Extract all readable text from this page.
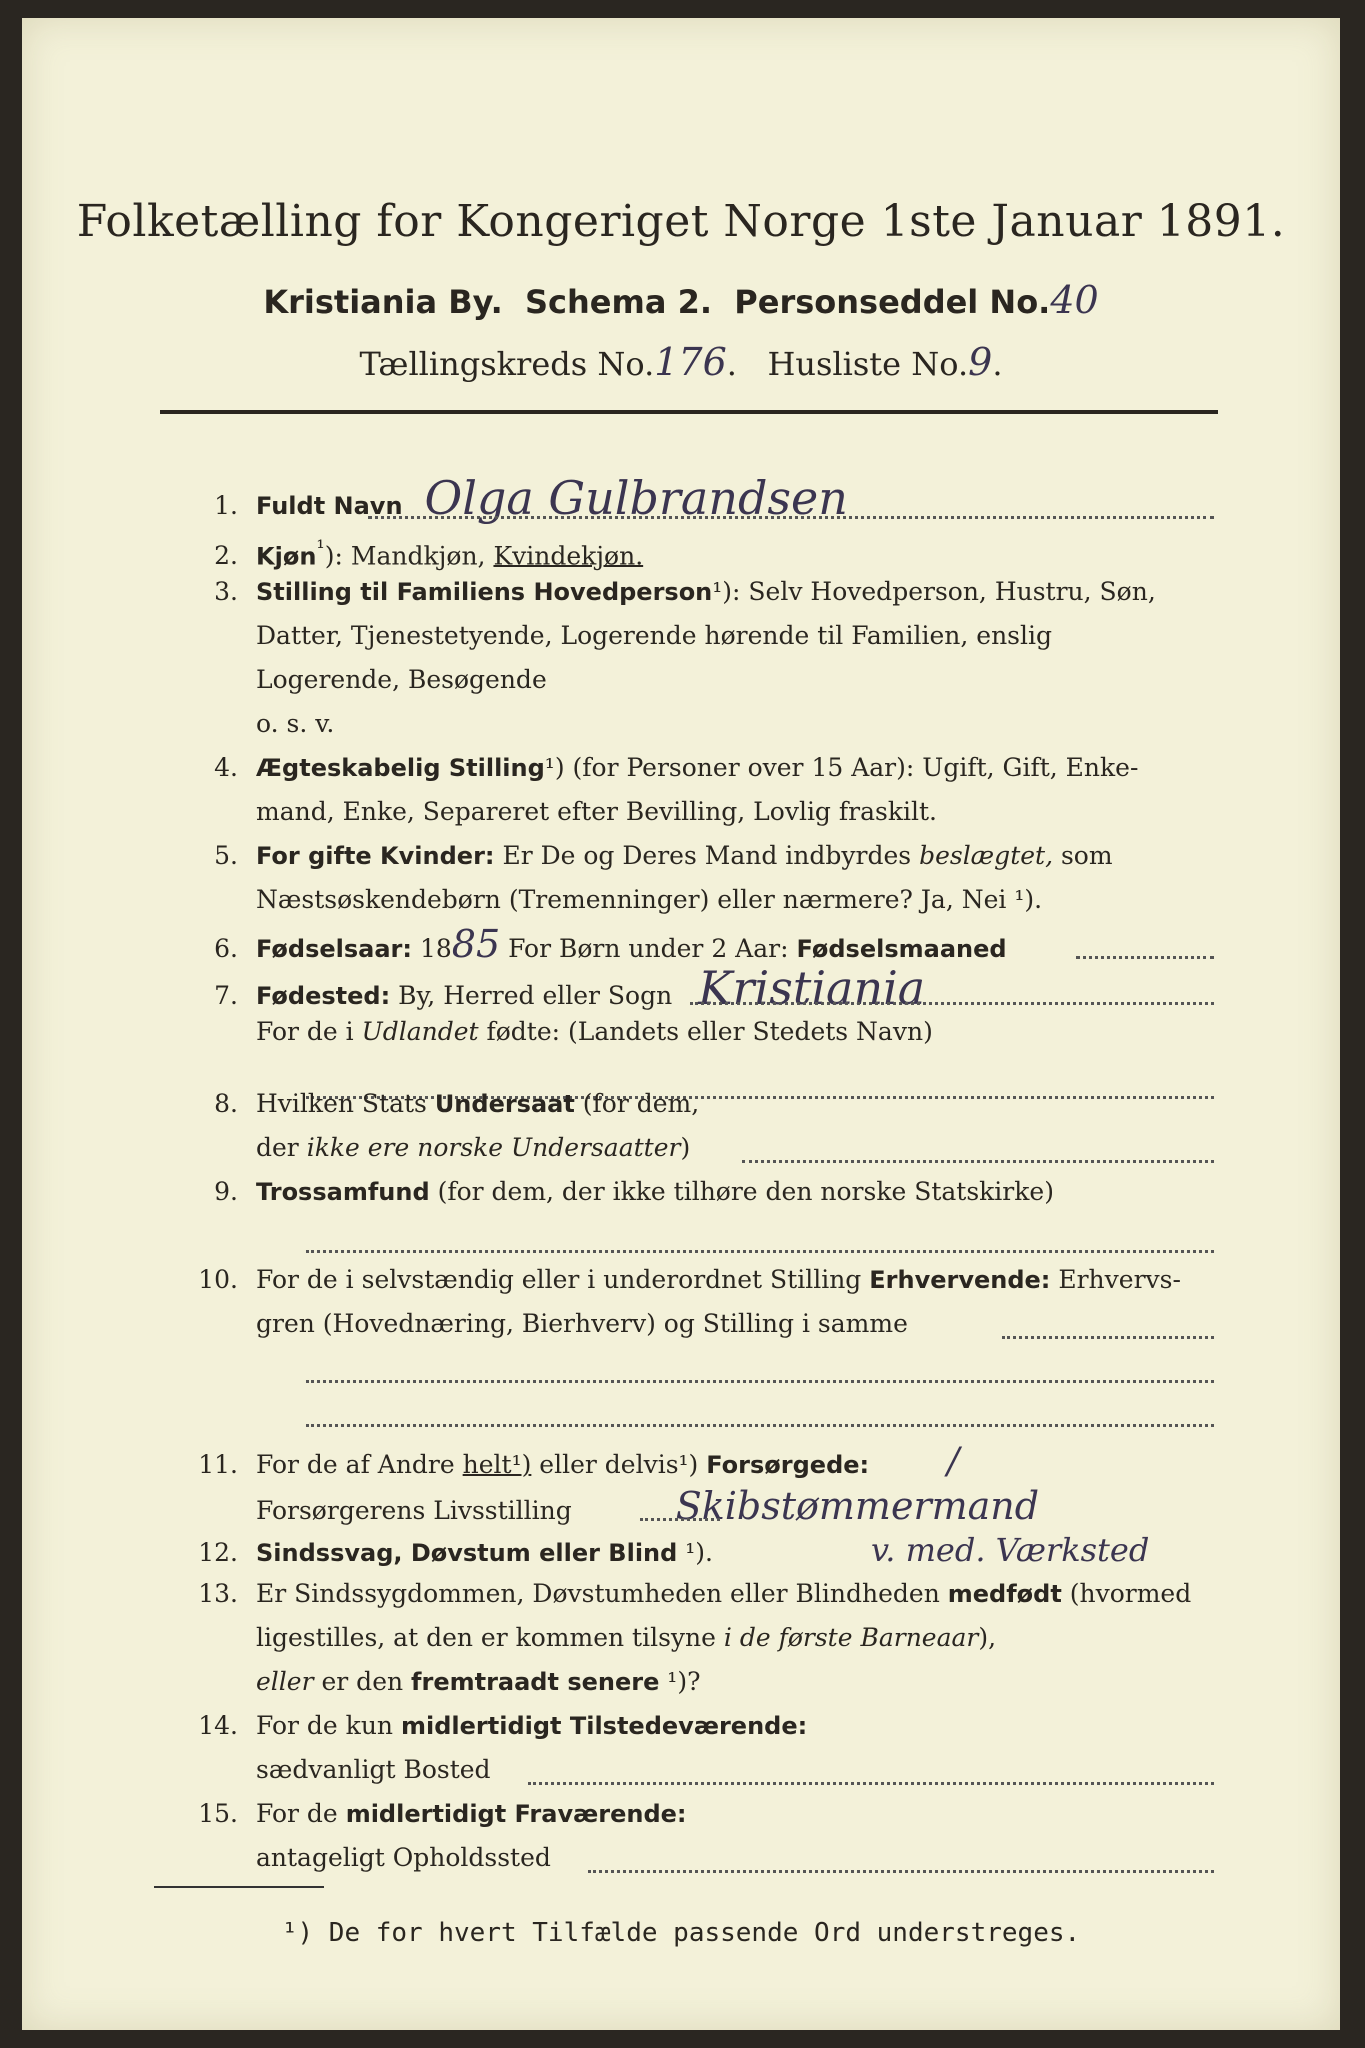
Folketælling for Kongeriget Norge 1ste Januar 1891.
Kristiania By. Schema 2. Personseddel No.40
Tællingskreds No.176.   Husliste No.9.
1. Fuldt Navn Olga Gulbrandsen
2. Kjøn$^{^1}$): Mandkjøn, Kvindekjøn.
3. Stilling til Familiens Hovedperson¹): Selv Hovedperson, Hustru, Søn,
Datter, Tjenestetyende, Logerende hørende til Familien, enslig
Logerende, Besøgende
o. s. v.
4. Ægteskabelig Stilling¹) (for Personer over 15 Aar): Ugift, Gift, Enke-
mand, Enke, Separeret efter Bevilling, Lovlig fraskilt.
5. For gifte Kvinder: Er De og Deres Mand indbyrdes beslægtet, som
Næstsøskendebørn (Tremenninger) eller nærmere? Ja, Nei ¹).
6. Fødselsaar: 1885 For Børn under 2 Aar: Fødselsmaaned
7. Fødested: By, Herred eller Sogn Kristiania
For de i Udlandet fødte: (Landets eller Stedets Navn)
8. Hvilken Stats Undersaat (for dem,
der ikke ere norske Undersaatter)
9. Trossamfund (for dem, der ikke tilhøre den norske Statskirke)
10. For de i selvstændig eller i underordnet Stilling Erhvervende: Erhvervs-
gren (Hovednæring, Bierhverv) og Stilling i samme
11. For de af Andre helt¹) eller delvis¹) Forsørgede: /
Forsørgerens Livsstilling	Skibstømmermand
12. Sindssvag, Døvstum eller Blind ¹).	v. med. Værksted
13. Er Sindssygdommen, Døvstumheden eller Blindheden medfødt (hvormed
ligestilles, at den er kommen tilsyne i de første Barneaar),
eller er den fremtraadt senere ¹)?
14. For de kun midlertidigt Tilstedeværende:
sædvanligt Bosted
15. For de midlertidigt Fraværende:
antageligt Opholdssted
¹) De for hvert Tilfælde passende Ord understreges.
